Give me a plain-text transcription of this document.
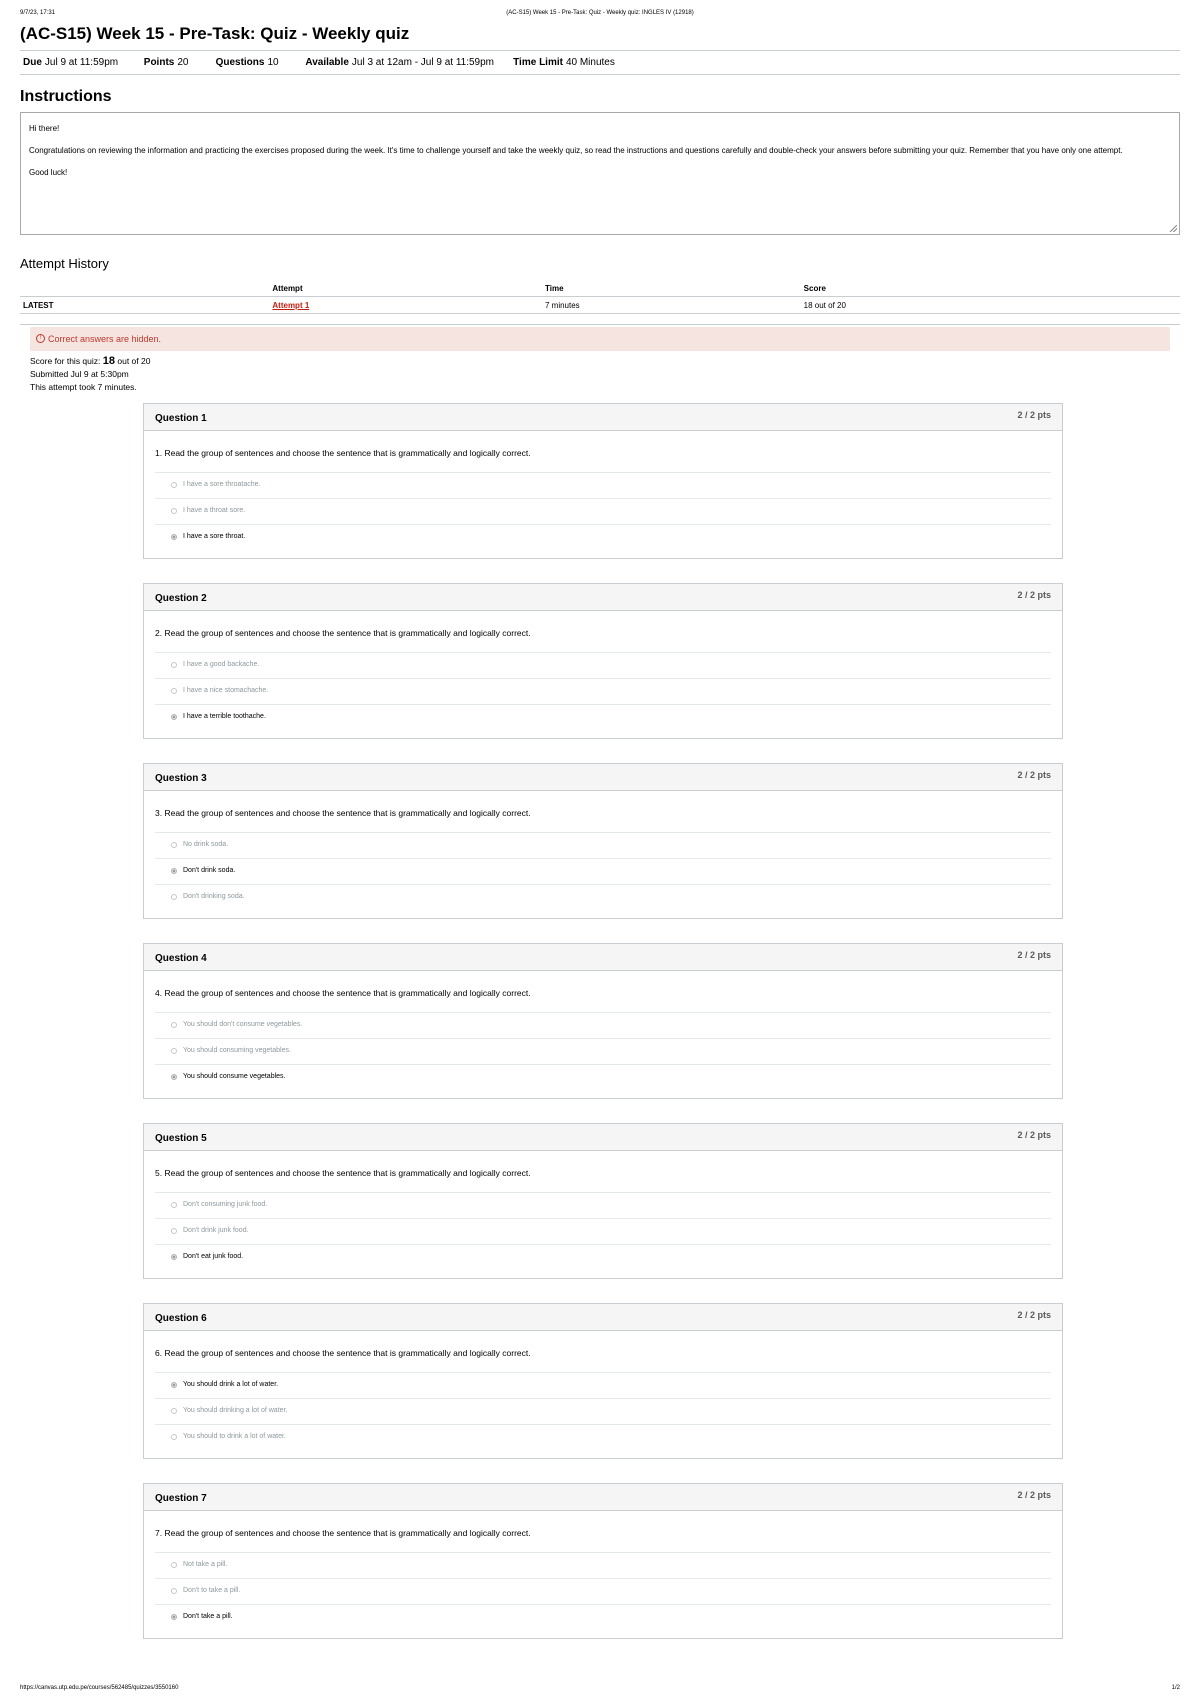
9/7/23, 17:31	(AC-S15) Week 15 - Pre-Task: Quiz - Weekly quiz: INGLES IV (12918)
(AC-S15) Week 15 - Pre-Task: Quiz - Weekly quiz
Due Jul 9 at 11:59pm	Points 20	Questions 10	Available Jul 3 at 12am - Jul 9 at 11:59pm Time Limit 40 Minutes
Instructions

Hi there!

Congratulations on reviewing the information and practicing the exercises proposed during the week. It's time to challenge yourself and take the weekly quiz, so read the instructions and questions carefully and double-check your answers before submitting your quiz. Remember that you have only one attempt.

Good luck!

Attempt History
	Attempt	Time	Score
LATEST	Attempt 1	7 minutes	18 out of 20
! Correct answers are hidden.
Score for this quiz: 18 out of 20
Submitted Jul 9 at 5:30pm
This attempt took 7 minutes.
Question 1	2 / 2 pts
1. Read the group of sentences and choose the sentence that is grammatically and logically correct.
I have a sore throatache.
I have a throat sore.
I have a sore throat.
Question 2	2 / 2 pts
2. Read the group of sentences and choose the sentence that is grammatically and logically correct.
I have a good backache.
I have a nice stomachache.
I have a terrible toothache.
Question 3	2 / 2 pts
3. Read the group of sentences and choose the sentence that is grammatically and logically correct.
No drink soda.
Don't drink soda.
Don't drinking soda.
Question 4	2 / 2 pts
4. Read the group of sentences and choose the sentence that is grammatically and logically correct.
You should don't consume vegetables.
You should consuming vegetables.
You should consume vegetables.
Question 5	2 / 2 pts
5. Read the group of sentences and choose the sentence that is grammatically and logically correct.
Don't consuming junk food.
Don't drink junk food.
Don't eat junk food.
Question 6	2 / 2 pts
6. Read the group of sentences and choose the sentence that is grammatically and logically correct.
You should drink a lot of water.
You should drinking a lot of water.
You should to drink a lot of water.
Question 7	2 / 2 pts
7. Read the group of sentences and choose the sentence that is grammatically and logically correct.
Not take a pill.
Don't to take a pill.
Don't take a pill.
https://canvas.utp.edu.pe/courses/562485/quizzes/3550160	1/2
